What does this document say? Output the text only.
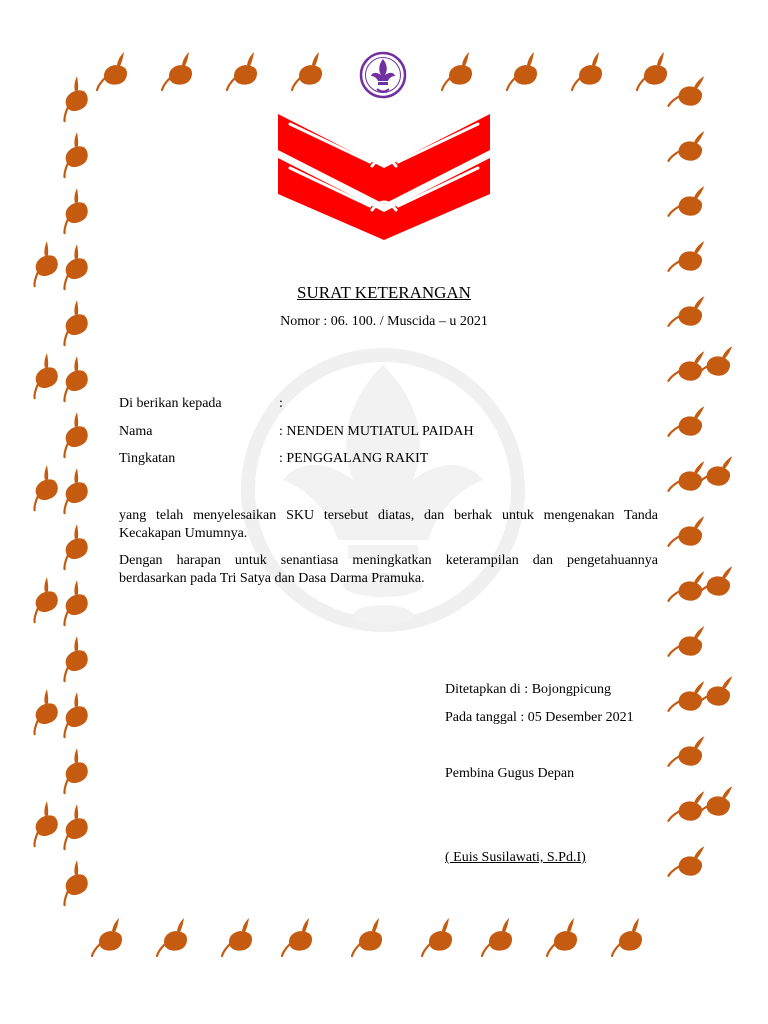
SURAT KETERANGAN
Nomor : 06. 100. / Muscida – u 2021
Di berikan kepada	:
Nama	: NENDEN MUTIATUL PAIDAH
Tingkatan	: PENGGALANG RAKIT
yang telah menyelesaikan SKU tersebut diatas, dan berhak untuk mengenakan Tanda
Kecakapan Umumnya.
Dengan harapan untuk senantiasa meningkatkan keterampilan dan pengetahuannya
berdasarkan pada Tri Satya dan Dasa Darma Pramuka.
Ditetapkan di : Bojongpicung
Pada tanggal : 05 Desember 2021
Pembina Gugus Depan
( Euis Susilawati, S.Pd.I)
